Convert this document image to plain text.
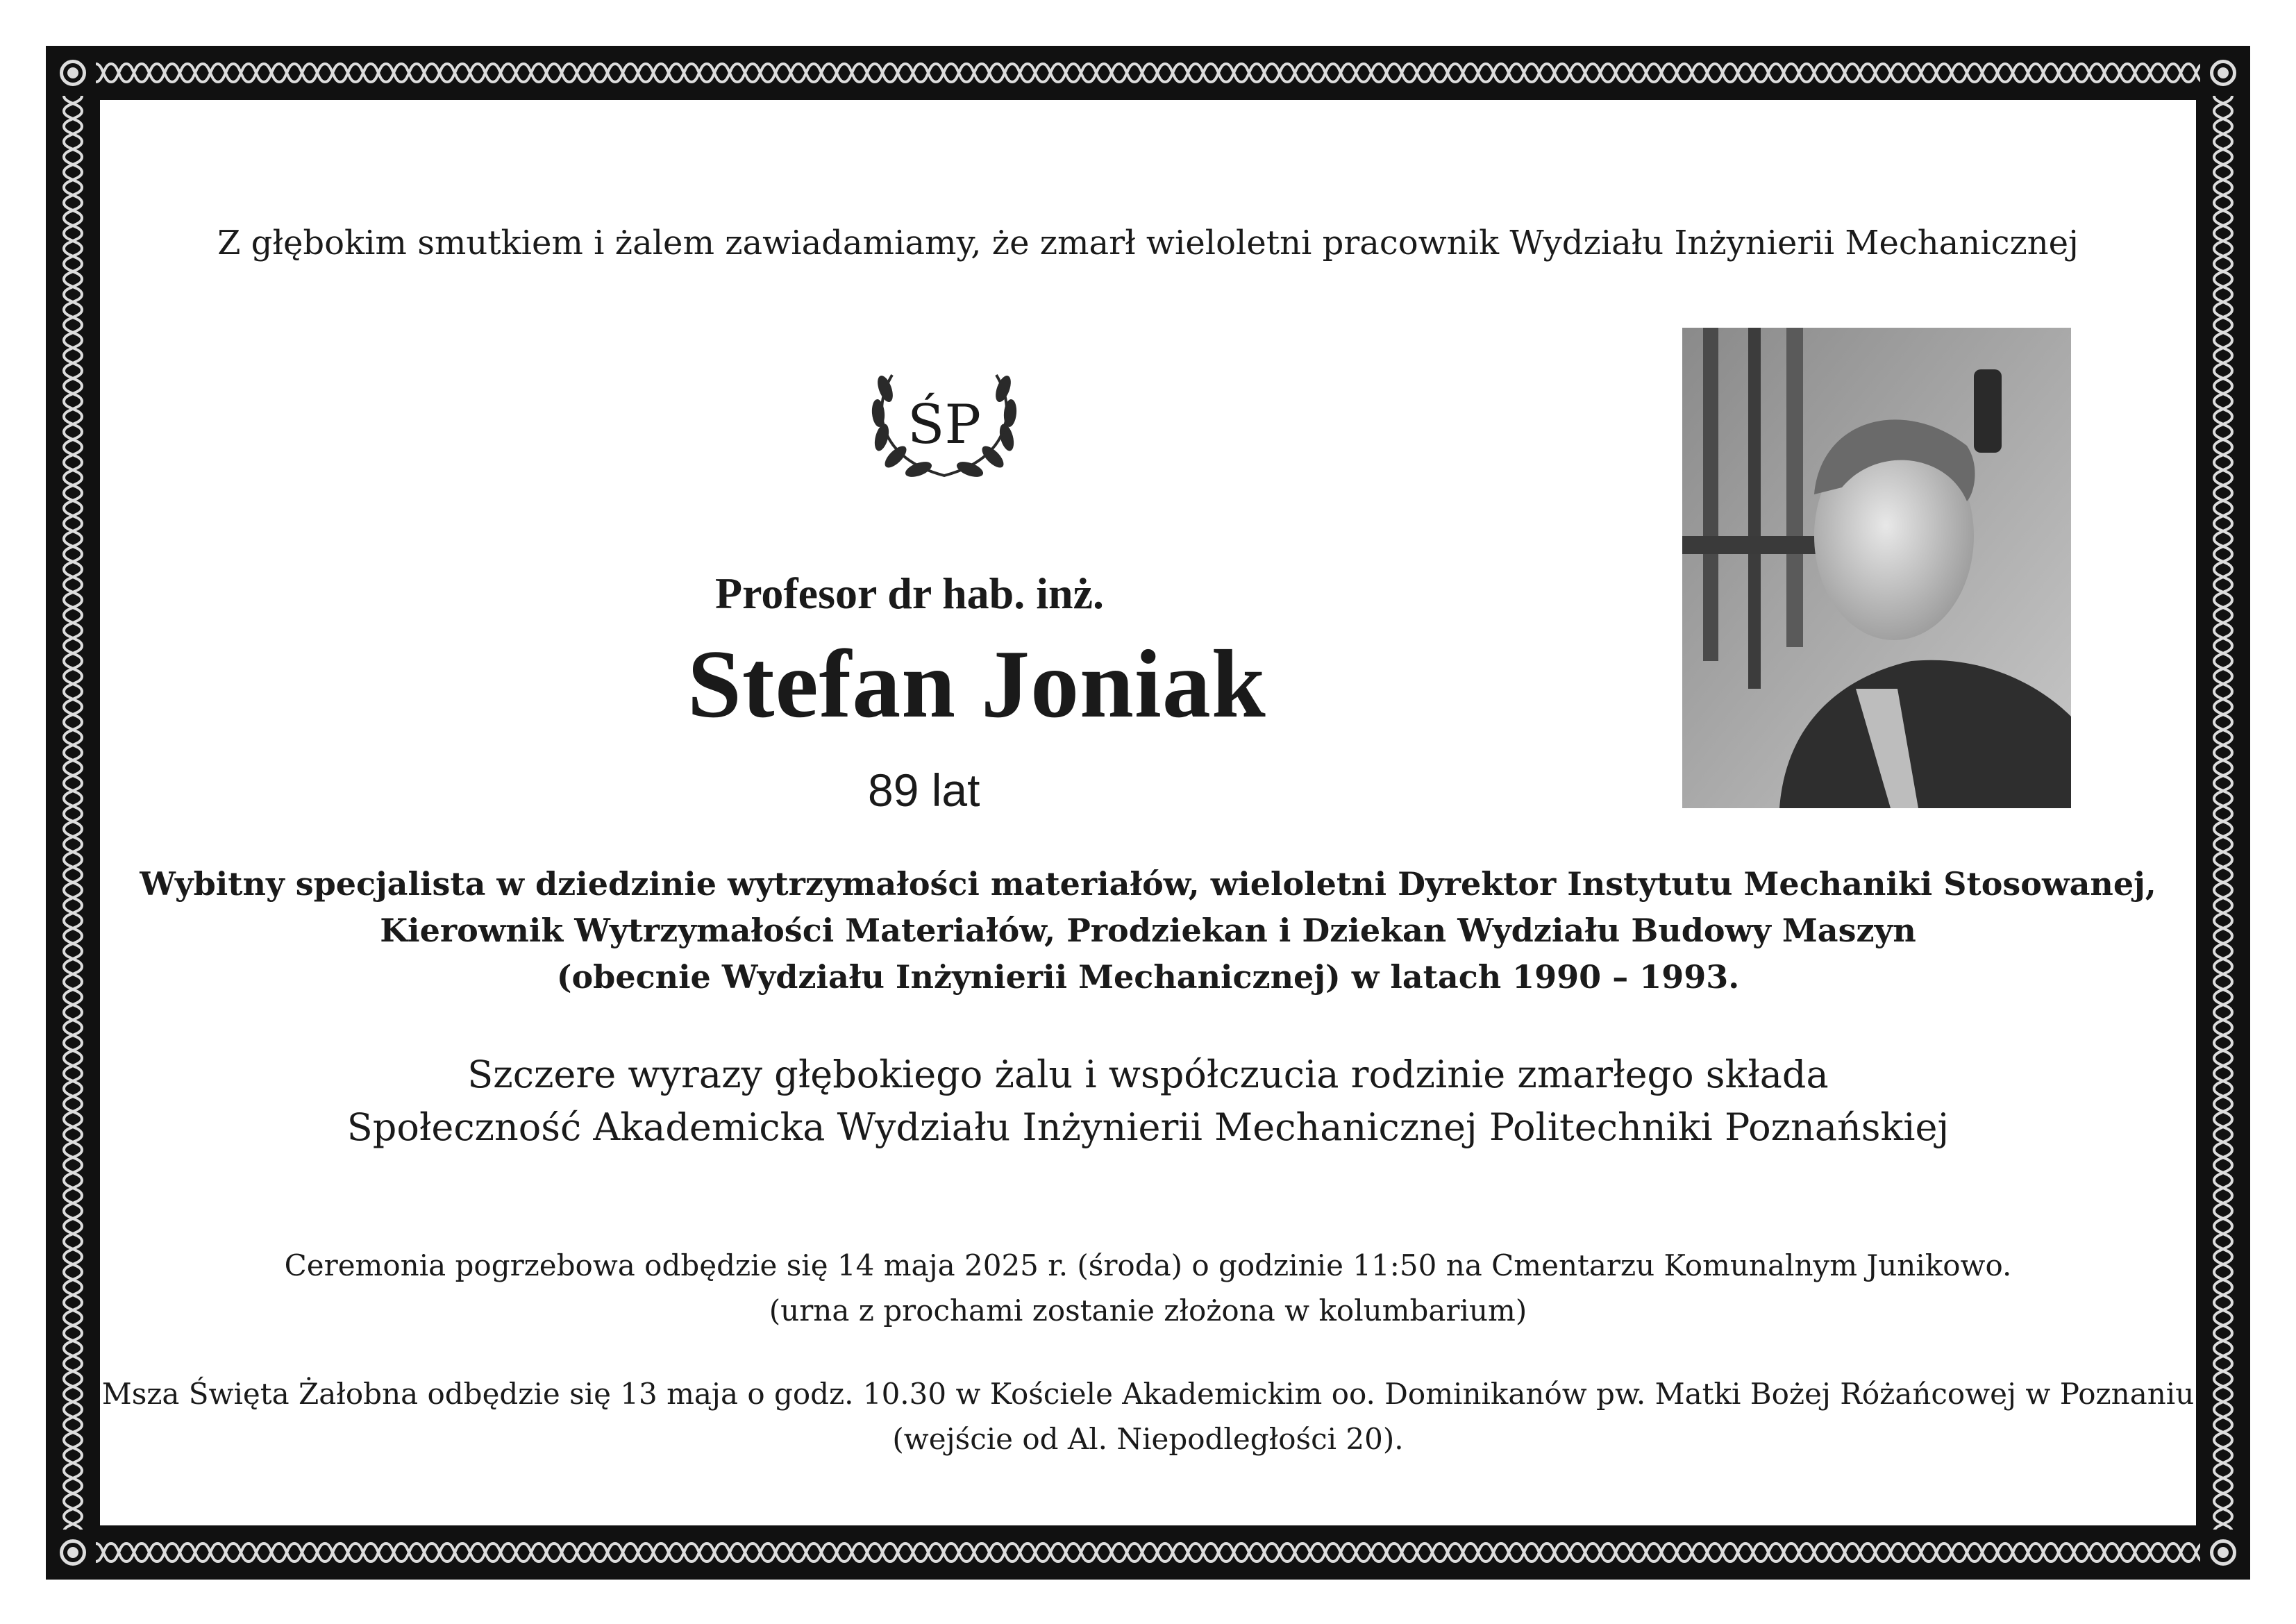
Z głębokim smutkiem i żalem zawiadamiamy, że zmarł wieloletni pracownik Wydziału Inżynierii Mechanicznej
ŚP
Profesor dr hab. inż.
Stefan Joniak
89 lat
Wybitny specjalista w dziedzinie wytrzymałości materiałów, wieloletni Dyrektor Instytutu Mechaniki Stosowanej,
Kierownik Wytrzymałości Materiałów, Prodziekan i Dziekan Wydziału Budowy Maszyn
(obecnie Wydziału Inżynierii Mechanicznej) w latach 1990 – 1993.
Szczere wyrazy głębokiego żalu i współczucia rodzinie zmarłego składa
Społeczność Akademicka Wydziału Inżynierii Mechanicznej Politechniki Poznańskiej
Ceremonia pogrzebowa odbędzie się 14 maja 2025 r. (środa) o godzinie 11:50 na Cmentarzu Komunalnym Junikowo.
(urna z prochami zostanie złożona w kolumbarium)
Msza Święta Żałobna odbędzie się 13 maja o godz. 10.30 w Kościele Akademickim oo. Dominikanów pw. Matki Bożej Różańcowej w Poznaniu
(wejście od Al. Niepodległości 20).
